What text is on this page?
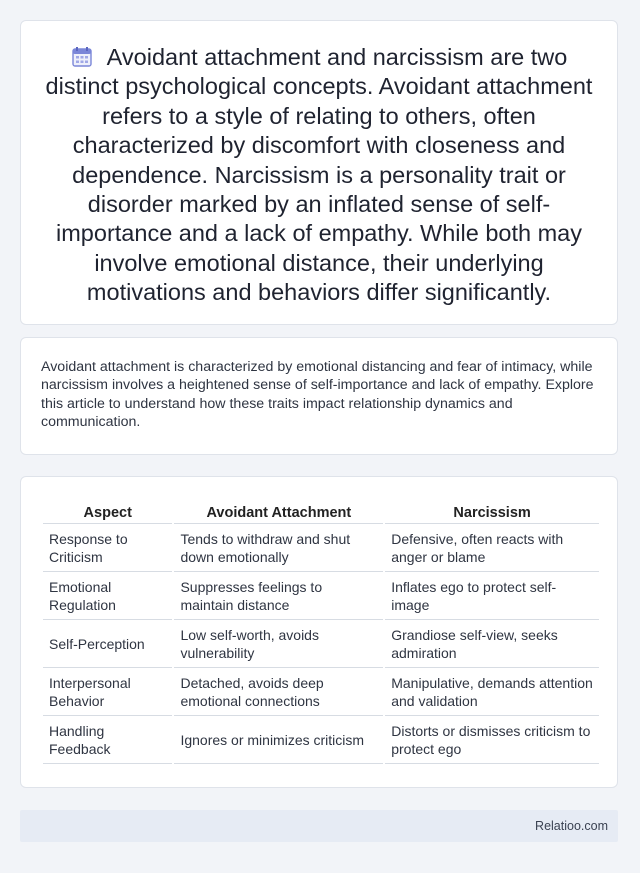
Avoidant attachment and narcissism are two distinct psychological concepts. Avoidant attachment refers to a style of relating to others, often characterized by discomfort with closeness and dependence. Narcissism is a personality trait or disorder marked by an inflated sense of self-importance and a lack of empathy. While both may involve emotional distance, their underlying motivations and behaviors differ significantly.

Avoidant attachment is characterized by emotional distancing and fear of intimacy, while narcissism involves a heightened sense of self-importance and lack of empathy. Explore this article to understand how these traits impact relationship dynamics and communication.

Aspect	Avoidant Attachment	Narcissism
Response to Criticism	Tends to withdraw and shut down emotionally	Defensive, often reacts with anger or blame
Emotional Regulation	Suppresses feelings to maintain distance	Inflates ego to protect self-image
Self-Perception	Low self-worth, avoids vulnerability	Grandiose self-view, seeks admiration
Interpersonal Behavior	Detached, avoids deep emotional connections	Manipulative, demands attention and validation
Handling Feedback	Ignores or minimizes criticism	Distorts or dismisses criticism to protect ego
Relatioo.com
